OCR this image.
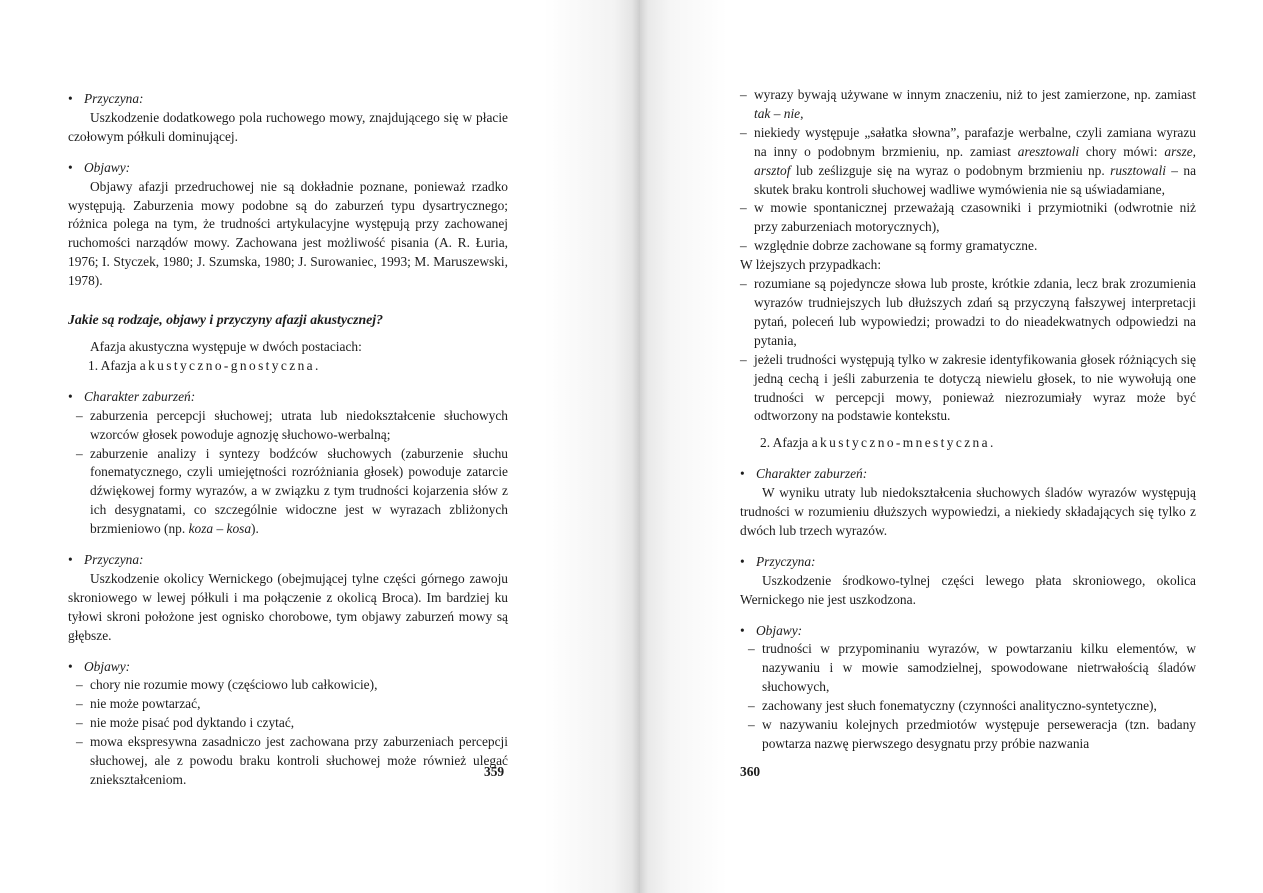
• Przyczyna:

Uszkodzenie dodatkowego pola ruchowego mowy, znajdującego się w płacie czołowym półkuli dominującej.

• Objawy:

Objawy afazji przedruchowej nie są dokładnie poznane, ponieważ rzadko występują. Zaburzenia mowy podobne są do zaburzeń typu dysartrycznego; różnica polega na tym, że trudności artykulacyjne występują przy zachowanej ruchomości narządów mowy. Zachowana jest możliwość pisania (A. R. Łuria, 1976; I. Styczek, 1980; J. Szumska, 1980; J. Surowaniec, 1993; M. Maruszewski, 1978).

Jakie są rodzaje, objawy i przyczyny afazji akustycznej?

Afazja akustyczna występuje w dwóch postaciach:

1. Afazja akustyczno-gnostyczna.

• Charakter zaburzeń:

– zaburzenia percepcji słuchowej; utrata lub niedokształcenie słuchowych wzorców głosek powoduje agnozję słuchowo-werbalną;

– zaburzenie analizy i syntezy bodźców słuchowych (zaburzenie słuchu fonematycznego, czyli umiejętności rozróżniania głosek) powoduje zatarcie dźwiękowej formy wyrazów, a w związku z tym trudności kojarzenia słów z ich desygnatami, co szczególnie widoczne jest w wyrazach zbliżonych brzmieniowo (np. koza – kosa).

• Przyczyna:

Uszkodzenie okolicy Wernickego (obejmującej tylne części górnego zawoju skroniowego w lewej półkuli i ma połączenie z okolicą Broca). Im bardziej ku tyłowi skroni położone jest ognisko chorobowe, tym objawy zaburzeń mowy są głębsze.

• Objawy:

– chory nie rozumie mowy (częściowo lub całkowicie),

– nie może powtarzać,

– nie może pisać pod dyktando i czytać,

– mowa ekspresywna zasadniczo jest zachowana przy zaburzeniach percepcji słuchowej, ale z powodu braku kontroli słuchowej może również ulegać zniekształceniom.

359

– wyrazy bywają używane w innym znaczeniu, niż to jest zamierzone, np. zamiast tak – nie,

– niekiedy występuje „sałatka słowna”, parafazje werbalne, czyli zamiana wyrazu na inny o podobnym brzmieniu, np. zamiast aresztowali chory mówi: arsze, arsztof lub ześlizguje się na wyraz o podobnym brzmieniu np. rusztowali – na skutek braku kontroli słuchowej wadliwe wymówienia nie są uświadamiane,

– w mowie spontanicznej przeważają czasowniki i przymiotniki (odwrotnie niż przy zaburzeniach motorycznych),

– względnie dobrze zachowane są formy gramatyczne.

W lżejszych przypadkach:

– rozumiane są pojedyncze słowa lub proste, krótkie zdania, lecz brak zrozumienia wyrazów trudniejszych lub dłuższych zdań są przyczyną fałszywej interpretacji pytań, poleceń lub wypowiedzi; prowadzi to do nieadekwatnych odpowiedzi na pytania,

– jeżeli trudności występują tylko w zakresie identyfikowania głosek różniących się jedną cechą i jeśli zaburzenia te dotyczą niewielu głosek, to nie wywołują one trudności w percepcji mowy, ponieważ niezrozumiały wyraz może być odtworzony na podstawie kontekstu.

2. Afazja akustyczno-mnestyczna.

• Charakter zaburzeń:

W wyniku utraty lub niedokształcenia słuchowych śladów wyrazów występują trudności w rozumieniu dłuższych wypowiedzi, a niekiedy składających się tylko z dwóch lub trzech wyrazów.

• Przyczyna:

Uszkodzenie środkowo-tylnej części lewego płata skroniowego, okolica Wernickego nie jest uszkodzona.

• Objawy:

– trudności w przypominaniu wyrazów, w powtarzaniu kilku elementów, w nazywaniu i w mowie samodzielnej, spowodowane nietrwałością śladów słuchowych,

– zachowany jest słuch fonematyczny (czynności analityczno-syntetyczne),

– w nazywaniu kolejnych przedmiotów występuje perseweracja (tzn. badany powtarza nazwę pierwszego desygnatu przy próbie nazwania

360
